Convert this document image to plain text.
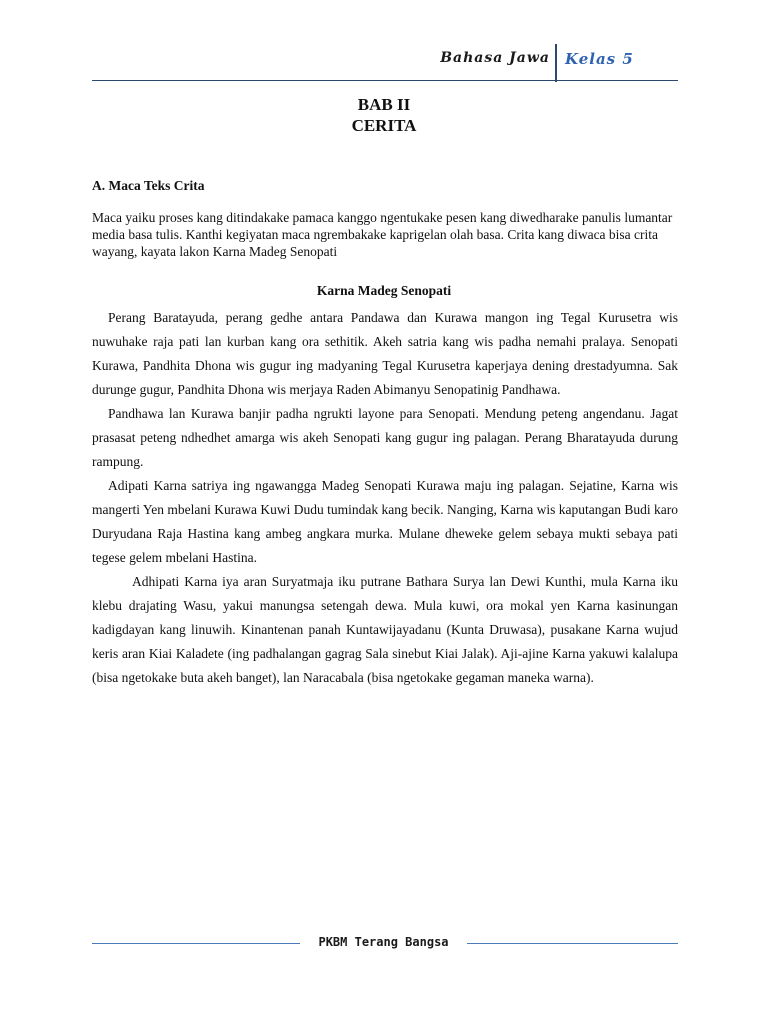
Bahasa Jawa Kelas 5
BAB II
CERITA
A. Maca Teks Crita

Maca yaiku proses kang ditindakake pamaca kanggo ngentukake pesen kang diwedharake panulis lumantar media basa tulis. Kanthi kegiyatan maca ngrembakake kaprigelan olah basa. Crita kang diwaca bisa crita wayang, kayata lakon Karna Madeg Senopati

Karna Madeg Senopati

Perang Baratayuda, perang gedhe antara Pandawa dan Kurawa mangon ing Tegal Kurusetra wis nuwuhake raja pati lan kurban kang ora sethitik. Akeh satria kang wis padha nemahi pralaya. Senopati Kurawa, Pandhita Dhona wis gugur ing madyaning Tegal Kurusetra kaperjaya dening drestadyumna. Sak durunge gugur, Pandhita Dhona wis merjaya Raden Abimanyu Senopatinig Pandhawa.

Pandhawa lan Kurawa banjir padha ngrukti layone para Senopati. Mendung peteng angendanu. Jagat prasasat peteng ndhedhet amarga wis akeh Senopati kang gugur ing palagan. Perang Bharatayuda durung rampung.

Adipati Karna satriya ing ngawangga Madeg Senopati Kurawa maju ing palagan. Sejatine, Karna wis mangerti Yen mbelani Kurawa Kuwi Dudu tumindak kang becik. Nanging, Karna wis kaputangan Budi karo Duryudana Raja Hastina kang ambeg angkara murka. Mulane dheweke gelem sebaya mukti sebaya pati tegese gelem mbelani Hastina.

Adhipati Karna iya aran Suryatmaja iku putrane Bathara Surya lan Dewi Kunthi, mula Karna iku klebu drajating Wasu, yakui manungsa setengah dewa. Mula kuwi, ora mokal yen Karna kasinungan kadigdayan kang linuwih. Kinantenan panah Kuntawijayadanu (Kunta Druwasa), pusakane Karna wujud keris aran Kiai Kaladete (ing padhalangan gagrag Sala sinebut Kiai Jalak). Aji-ajine Karna yakuwi kalalupa (bisa ngetokake buta akeh banget), lan Naracabala (bisa ngetokake gegaman maneka warna).

PKBM Terang Bangsa
